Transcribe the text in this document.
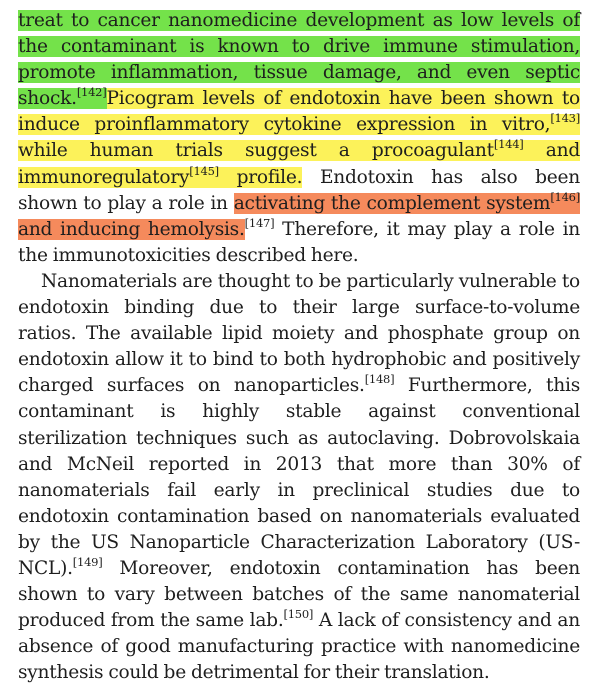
treat to cancer nanomedicine development as low levels of the contaminant is known to drive immune stimulation, promote inflammation, tissue damage, and even septic shock.[142]Picogram levels of endotoxin have been shown to induce proinflammatory cytokine expression in vitro,[143] while human trials suggest a procoagulant[144] and immunoregulatory[145] profile. Endotoxin has also been shown to play a role in activating the complement system[146] and inducing hemolysis.[147] Therefore, it may play a role in the immunotoxicities described here.

Nanomaterials are thought to be particularly vulnerable to endotoxin binding due to their large surface-to-volume ratios. The available lipid moiety and phosphate group on endotoxin allow it to bind to both hydrophobic and positively charged surfaces on nanoparticles.[148] Furthermore, this contaminant is highly stable against conventional sterilization techniques such as autoclaving. Dobrovolskaia and McNeil reported in 2013 that more than 30% of nanomaterials fail early in preclinical studies due to endotoxin contamination based on nanomaterials evaluated by the US Nanoparticle Characterization Laboratory (US-NCL).[149] Moreover, endotoxin contamination has been shown to vary between batches of the same nanomaterial produced from the same lab.[150] A lack of consistency and an absence of good manufacturing practice with nanomedicine synthesis could be detrimental for their translation.
